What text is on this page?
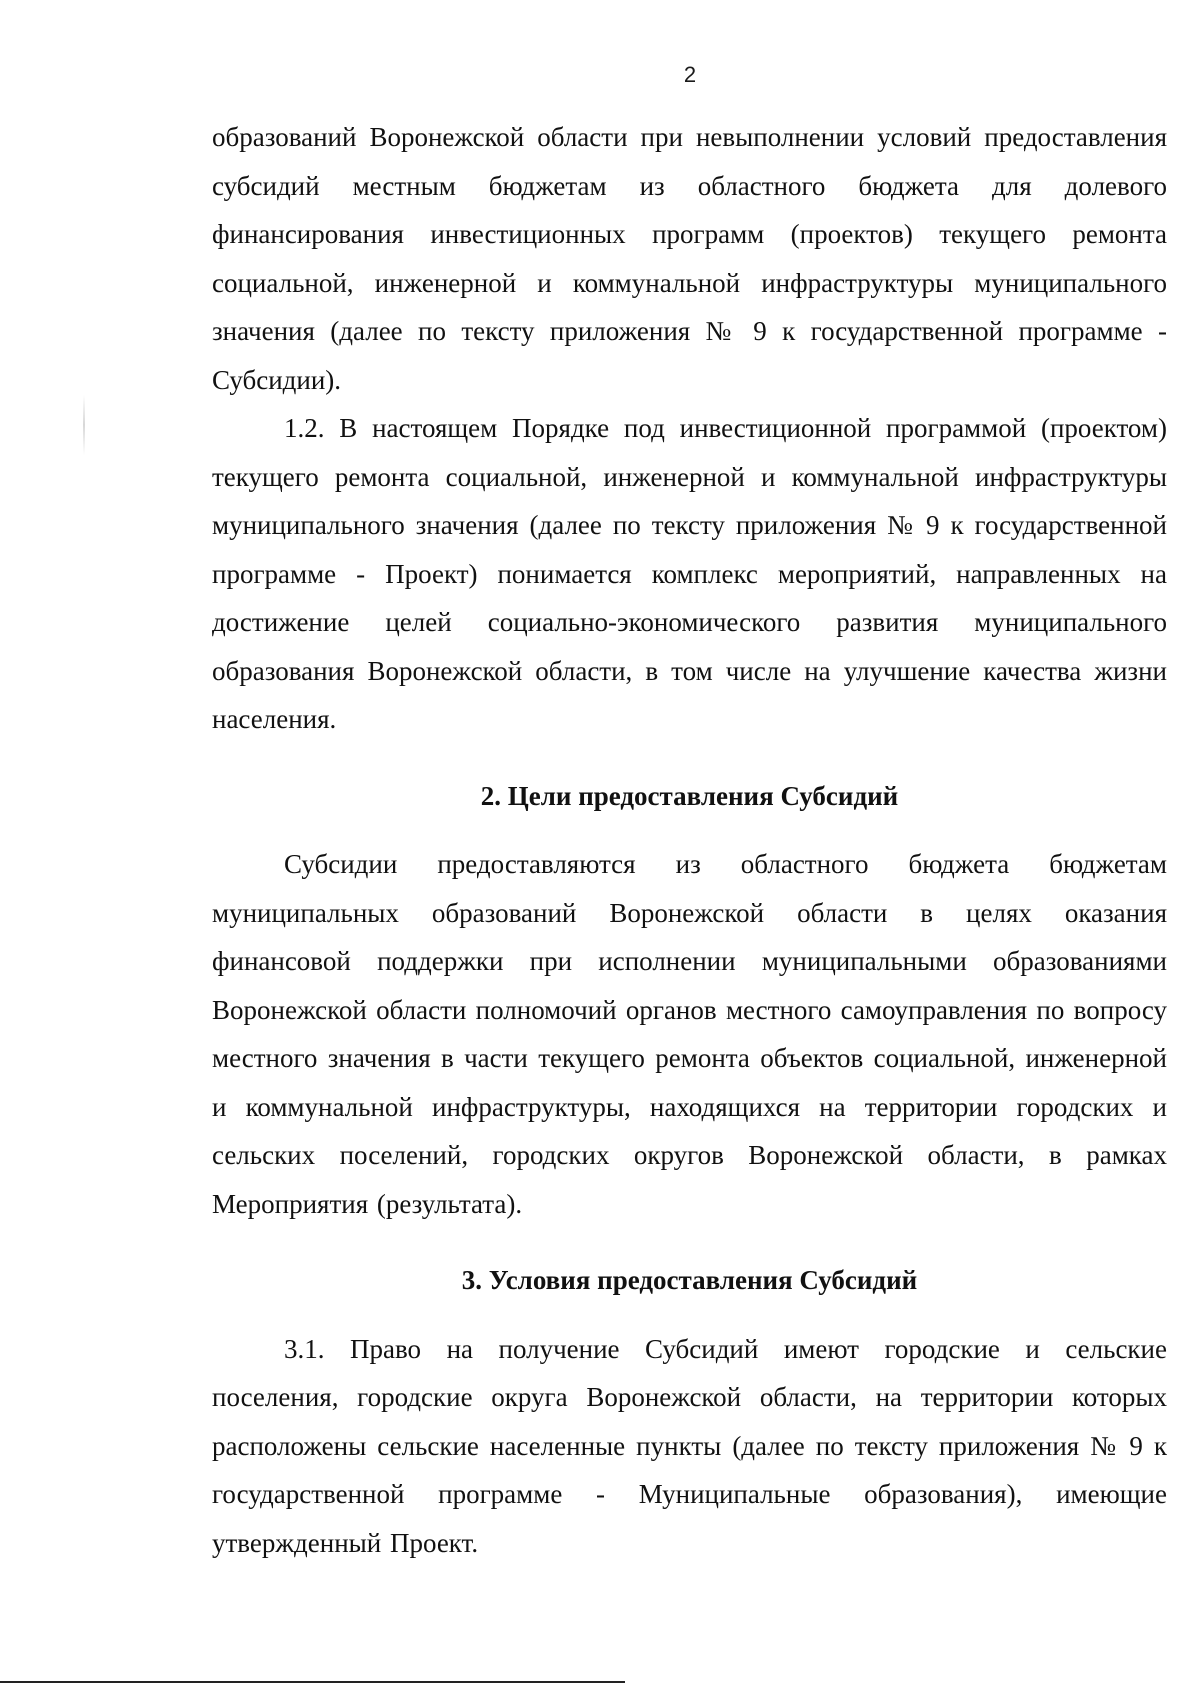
2

образований Воронежской области при невыполнении условий предоставления субсидий местным бюджетам из областного бюджета для долевого финансирования инвестиционных программ (проектов) текущего ремонта социальной, инженерной и коммунальной инфраструктуры муниципального значения (далее по тексту приложения № 9 к государственной программе - Субсидии).

1.2. В настоящем Порядке под инвестиционной программой (проектом) текущего ремонта социальной, инженерной и коммунальной инфраструктуры муниципального значения (далее по тексту приложения № 9 к государственной программе - Проект) понимается комплекс мероприятий, направленных на достижение целей социально-экономического развития муниципального образования Воронежской области, в том числе на улучшение качества жизни населения.

2. Цели предоставления Субсидий

Субсидии предоставляются из областного бюджета бюджетам муниципальных образований Воронежской области в целях оказания финансовой поддержки при исполнении муниципальными образованиями Воронежской области полномочий органов местного самоуправления по вопросу местного значения в части текущего ремонта объектов социальной, инженерной и коммунальной инфраструктуры, находящихся на территории городских и сельских поселений, городских округов Воронежской области, в рамках Мероприятия (результата).

3. Условия предоставления Субсидий

3.1. Право на получение Субсидий имеют городские и сельские поселения, городские округа Воронежской области, на территории которых расположены сельские населенные пункты (далее по тексту приложения № 9 к государственной программе - Муниципальные образования), имеющие утвержденный Проект.
